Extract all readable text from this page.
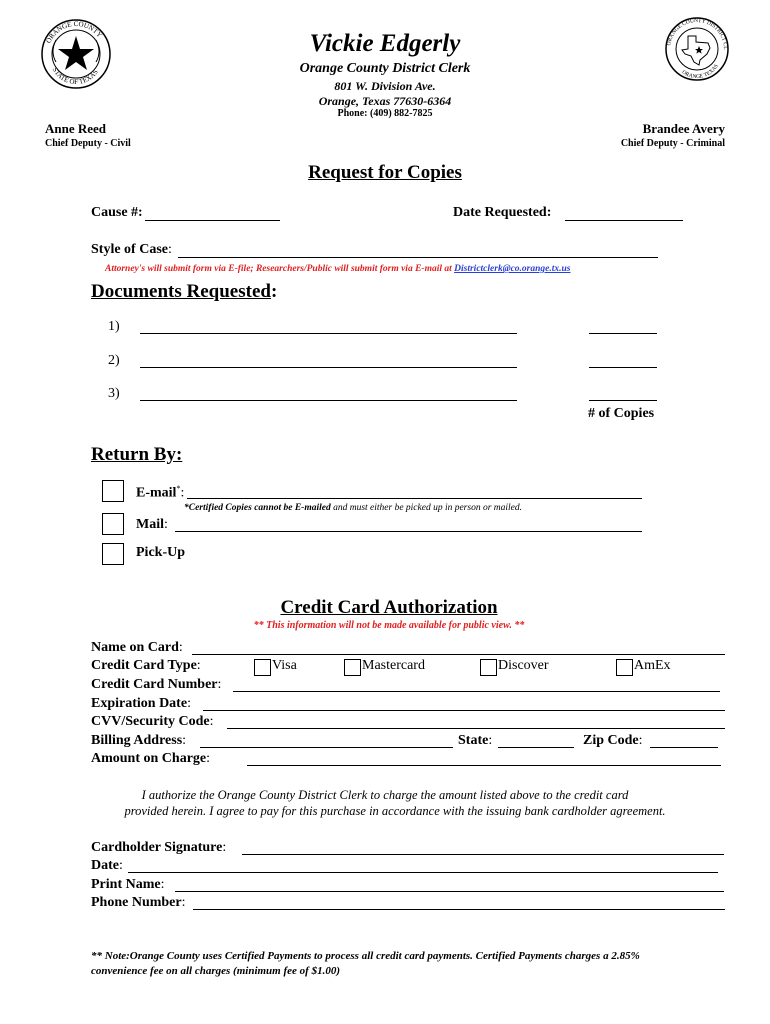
ORANGE COUNTY
STATE OF TEXAS
ORANGE COUNTY DISTRICT CL
ORANGE TEXAS
Vickie Edgerly
Orange County District Clerk
801 W. Division Ave.
Orange, Texas 77630-6364
Phone: (409) 882-7825
Anne Reed
Chief Deputy - Civil
Brandee Avery
Chief Deputy - Criminal
Request for Copies
Cause #:	Date Requested:
Style of Case:
Attorney's will submit form via E-file; Researchers/Public will submit form via E-mail at Districtclerk@co.orange.tx.us
Documents Requested:
1)
2)
3)
# of Copies
Return By:
E-mail*:
*Certified Copies cannot be E-mailed and must either be picked up in person or mailed.
Mail:
Pick-Up
Credit Card Authorization
** This information will not be made available for public view. **
Name on Card:
Credit Card Type:	Visa	Mastercard	Discover	AmEx
Credit Card Number:
Expiration Date:
CVV/Security Code:
Billing Address:	State:	Zip Code:
Amount on Charge:
I authorize the Orange County District Clerk to charge the amount listed above to the credit card
provided herein. I agree to pay for this purchase in accordance with the issuing bank cardholder agreement.
Cardholder Signature:
Date:
Print Name:
Phone Number:
** Note:Orange County uses Certified Payments to process all credit card payments. Certified Payments charges a 2.85%
convenience fee on all charges (minimum fee of $1.00)
